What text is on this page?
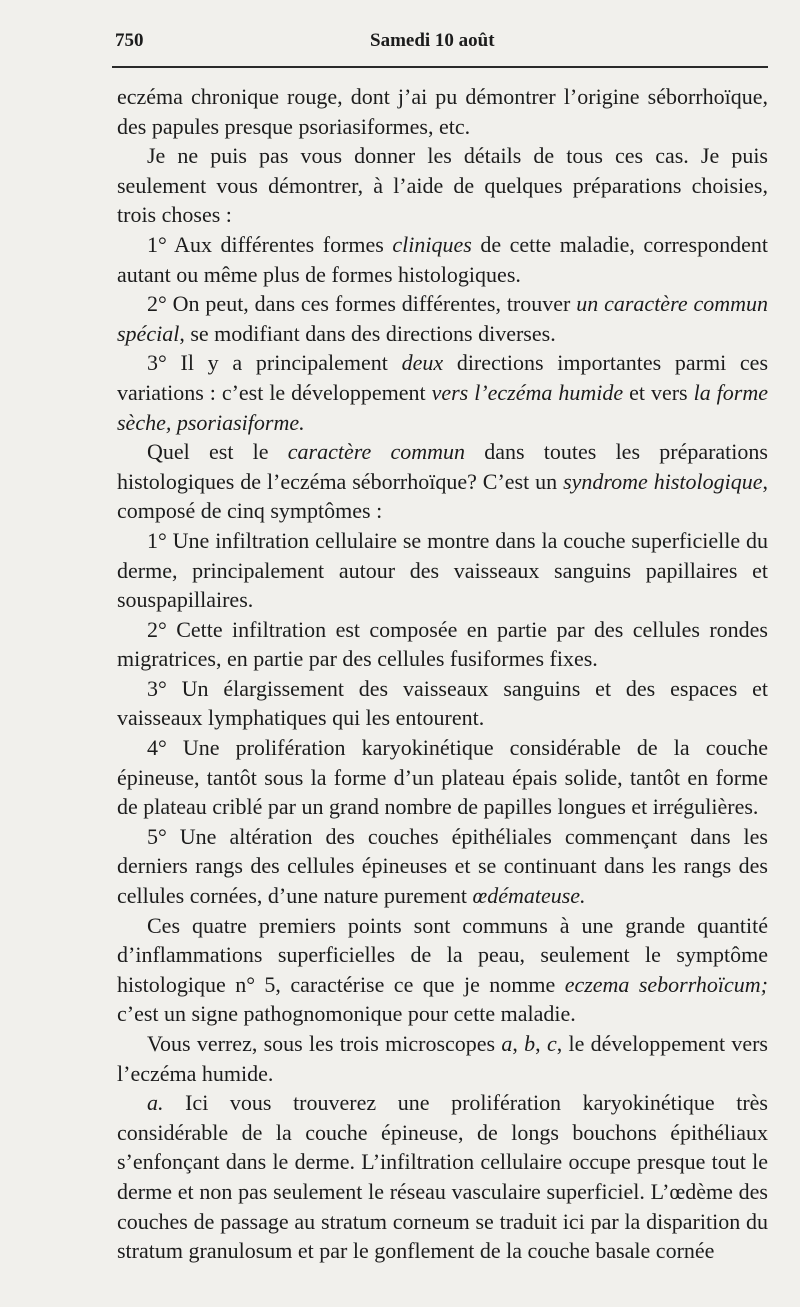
750	Samedi 10 août

eczéma chronique rouge, dont j’ai pu démontrer l’origine séborrhoïque, des papules presque psoriasiformes, etc.

Je ne puis pas vous donner les détails de tous ces cas. Je puis seulement vous démontrer, à l’aide de quelques préparations choisies, trois choses :

1° Aux différentes formes cliniques de cette maladie, correspondent autant ou même plus de formes histologiques.

2° On peut, dans ces formes différentes, trouver un caractère commun spécial, se modifiant dans des directions diverses.

3° Il y a principalement deux directions importantes parmi ces variations : c’est le développement vers l’eczéma humide et vers la forme sèche, psoriasiforme.

Quel est le caractère commun dans toutes les préparations histologiques de l’eczéma séborrhoïque? C’est un syndrome histologique, composé de cinq symptômes :

1° Une infiltration cellulaire se montre dans la couche superficielle du derme, principalement autour des vaisseaux sanguins papillaires et souspapillaires.

2° Cette infiltration est composée en partie par des cellules rondes migratrices, en partie par des cellules fusiformes fixes.

3° Un élargissement des vaisseaux sanguins et des espaces et vaisseaux lymphatiques qui les entourent.

4° Une prolifération karyokinétique considérable de la couche épineuse, tantôt sous la forme d’un plateau épais solide, tantôt en forme de plateau criblé par un grand nombre de papilles longues et irrégulières.

5° Une altération des couches épithéliales commençant dans les derniers rangs des cellules épineuses et se continuant dans les rangs des cellules cornées, d’une nature purement œdémateuse.

Ces quatre premiers points sont communs à une grande quantité d’inflammations superficielles de la peau, seulement le symptôme histologique n° 5, caractérise ce que je nomme eczema seborrhoïcum; c’est un signe pathognomonique pour cette maladie.

Vous verrez, sous les trois microscopes a, b, c, le développement vers l’eczéma humide.

a. Ici vous trouverez une prolifération karyokinétique très considérable de la couche épineuse, de longs bouchons épithéliaux s’enfonçant dans le derme. L’infiltration cellulaire occupe presque tout le derme et non pas seulement le réseau vasculaire superficiel. L’œdème des couches de passage au stratum corneum se traduit ici par la disparition du stratum granulosum et par le gonflement de la couche basale cornée
